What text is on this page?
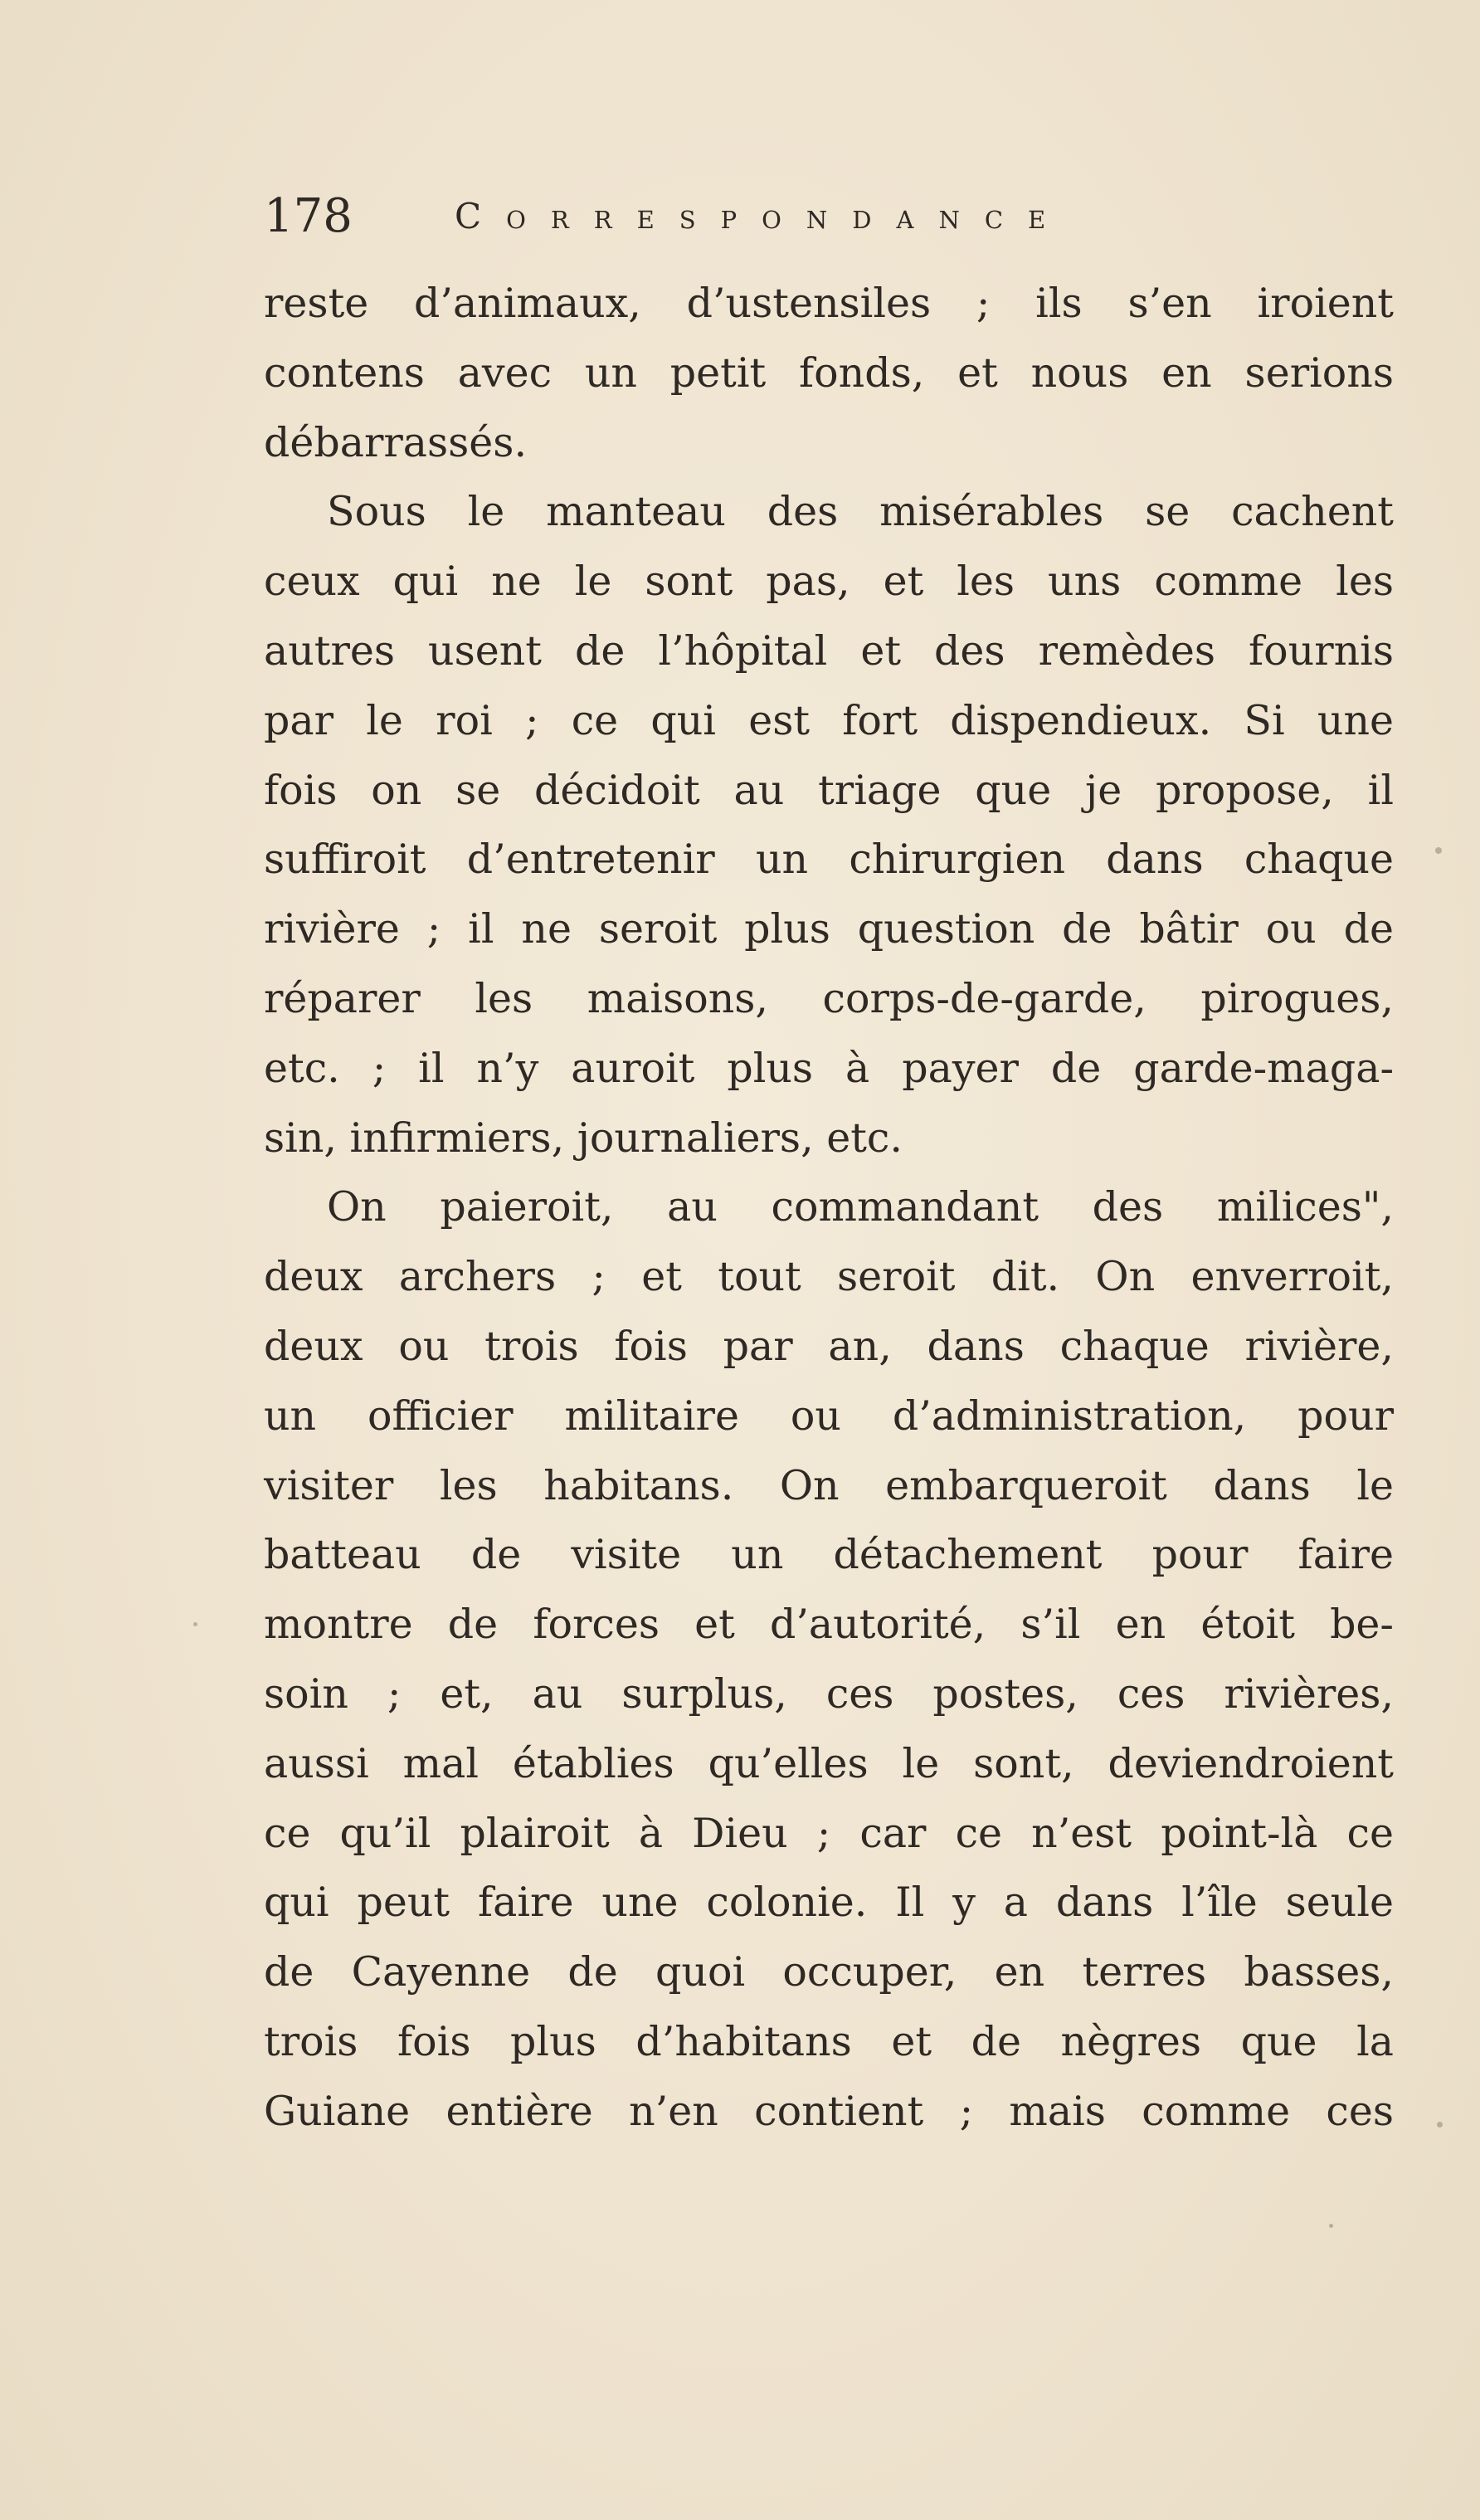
178	Correspondance
reste d’animaux, d’ustensiles ; ils s’en iroient
contens avec un petit fonds, et nous en serions
débarrassés.
Sous le manteau des misérables se cachent
ceux qui ne le sont pas, et les uns comme les
autres usent de l’hôpital et des remèdes fournis
par le roi ; ce qui est fort dispendieux. Si une
fois on se décidoit au triage que je propose, il
suffiroit d’entretenir un chirurgien dans chaque
rivière ; il ne seroit plus question de bâtir ou de
réparer les maisons, corps-de-garde, pirogues,
etc. ; il n’y auroit plus à payer de garde-maga-
sin, infirmiers, journaliers, etc.
On paieroit, au commandant des milices",
deux archers ; et tout seroit dit. On enverroit,
deux ou trois fois par an, dans chaque rivière,
un officier militaire ou d’administration, pour
visiter les habitans. On embarqueroit dans le
batteau de visite un détachement pour faire
montre de forces et d’autorité, s’il en étoit be-
soin ; et, au surplus, ces postes, ces rivières,
aussi mal établies qu’elles le sont, deviendroient
ce qu’il plairoit à Dieu ; car ce n’est point-là ce
qui peut faire une colonie. Il y a dans l’île seule
de Cayenne de quoi occuper, en terres basses,
trois fois plus d’habitans et de nègres que la
Guiane entière n’en contient ; mais comme ces
